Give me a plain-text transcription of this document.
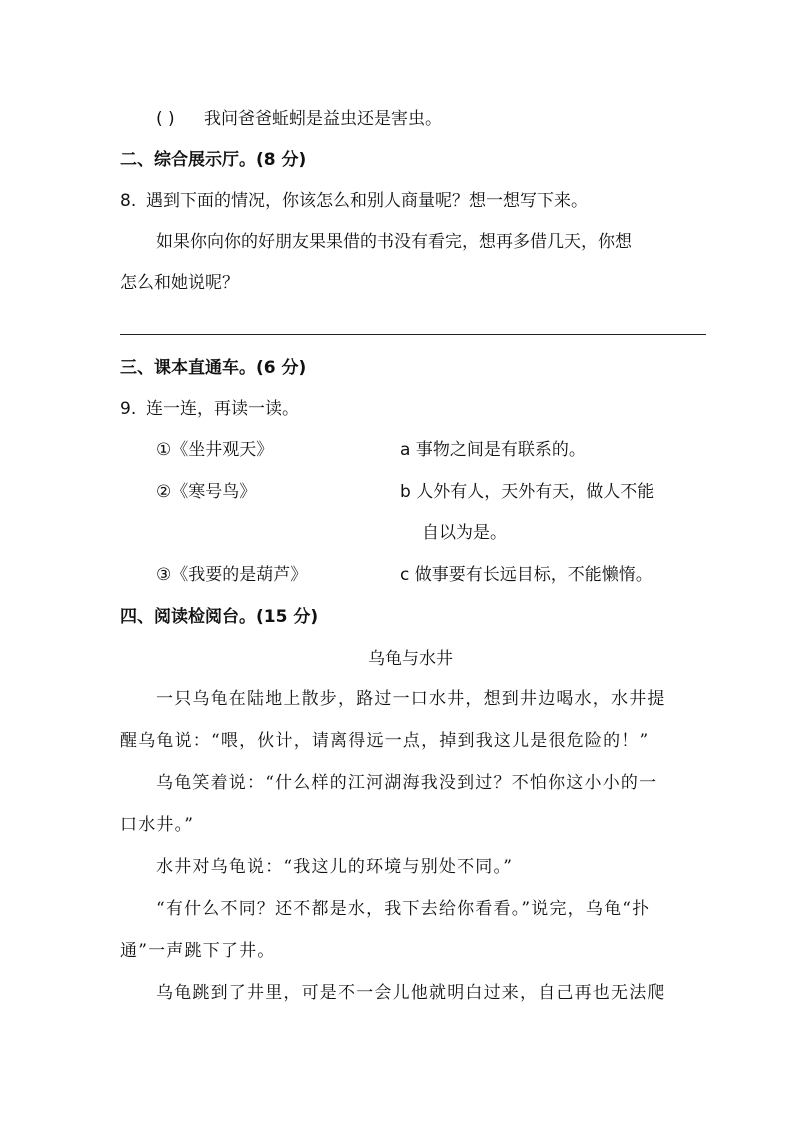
( ) 我问爸爸蚯蚓是益虫还是害虫。
二、综合展示厅。(8 分)
8. 遇到下面的情况，你该怎么和别人商量呢？想一想写下来。
如果你向你的好朋友果果借的书没有看完，想再多借几天，你想
怎么和她说呢？
三、课本直通车。(6 分)
9. 连一连，再读一读。
①《坐井观天》	a 事物之间是有联系的。
②《寒号鸟》	b 人外有人，天外有天，做人不能
自以为是。
③《我要的是葫芦》	c 做事要有长远目标，不能懒惰。
四、阅读检阅台。(15 分)
乌龟与水井
一只乌龟在陆地上散步，路过一口水井，想到井边喝水，水井提
醒乌龟说：“喂，伙计，请离得远一点，掉到我这儿是很危险的！”
乌龟笑着说：“什么样的江河湖海我没到过？不怕你这小小的一
口水井。”
水井对乌龟说：“我这儿的环境与别处不同。”
“有什么不同？还不都是水，我下去给你看看。”说完，乌龟“扑
通”一声跳下了井。
乌龟跳到了井里，可是不一会儿他就明白过来，自己再也无法爬
